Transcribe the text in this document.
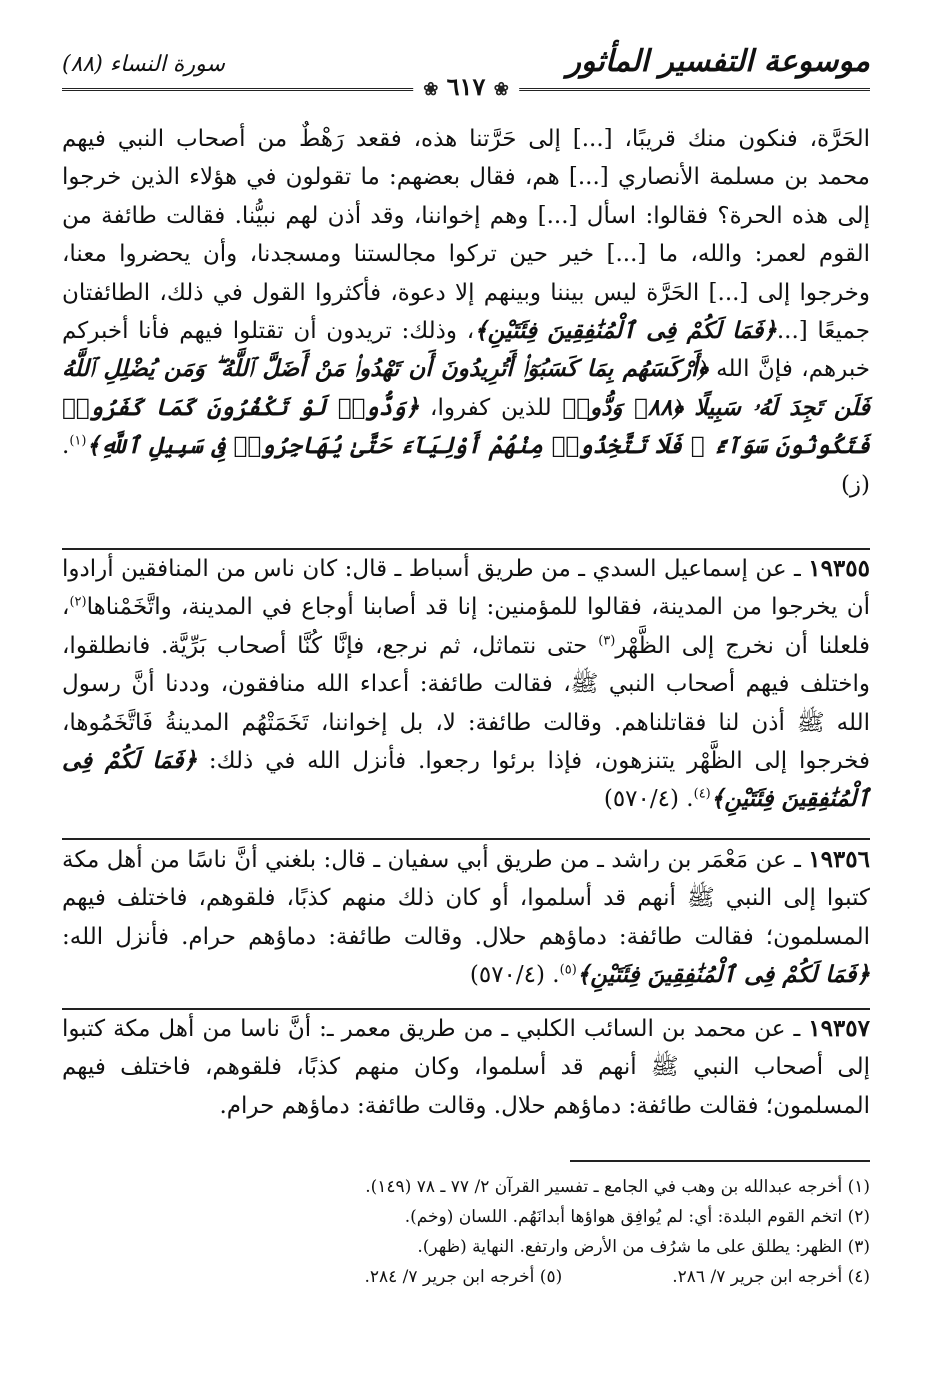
موسوعة التفسير المأثور
سورة النساء (٨٨)
❀ ٦١٧ ❀

الحَرَّة، فنكون منك قريبًا، [...] إلى حَرَّتنا هذه، فقعد رَهْطٌ من أصحاب النبي فيهم محمد بن مسلمة الأنصاري [...] هم، فقال بعضهم: ما تقولون في هؤلاء الذين خرجوا إلى هذه الحرة؟ فقالوا: اسأل [...] وهم إخواننا، وقد أذن لهم نبيُّنا. فقالت طائفة من القوم لعمر: والله، ما [...] خير حين تركوا مجالستنا ومسجدنا، وأن يحضروا معنا، وخرجوا إلى [...] الحَرَّة ليس بيننا وبينهم إلا دعوة، فأكثروا القول في ذلك، الطائفتان جميعًا [...﴿فَمَا لَكُمْ فِى ٱلْمُنَٰفِقِينَ فِئَتَيْنِ﴾، وذلك: تريدون أن تقتلوا فيهم فأنا أخبركم خبرهم، فإنَّ الله ﴿أَرْكَسَهُم بِمَا كَسَبُوٓا۟ أَتُرِيدُونَ أَن تَهْدُوا۟ مَنْ أَضَلَّ ٱللَّهُ ۖ وَمَن يُضْلِلِ ٱللَّهُ فَلَن تَجِدَ لَهُۥ سَبِيلًا ﴿٨٨﴾ وَدُّوا۟ للذين كفروا، ﴿وَدُّوا۟ لَوْ تَكْفُرُونَ كَمَا كَفَرُوا۟ فَتَكُونُونَ سَوَآءً ۖ فَلَا تَتَّخِذُوا۟ مِنْهُمْ أَوْلِيَآءَ حَتَّىٰ يُهَاجِرُوا۟ فِى سَبِيلِ ٱللَّهِ﴾$^{(١)}$. (ز)

١٩٣٥٥ ـ عن إسماعيل السدي ـ من طريق أسباط ـ قال: كان ناس من المنافقين أرادوا أن يخرجوا من المدينة، فقالوا للمؤمنين: إنا قد أصابنا أوجاع في المدينة، واتَّخَمْناها$^{(٢)}$، فلعلنا أن نخرج إلى الظَّهْر$^{(٣)}$ حتى نتماثل، ثم نرجع، فإنَّا كُنَّا أصحاب بَرِّيَّة. فانطلقوا، واختلف فيهم أصحاب النبي ﷺ، فقالت طائفة: أعداء الله منافقون، وددنا أنَّ رسول الله ﷺ أذن لنا فقاتلناهم. وقالت طائفة: لا، بل إخواننا، تَخَمَتْهُم المدينةُ فَاتَّخَمُوها، فخرجوا إلى الظَّهْر يتنزهون، فإذا برئوا رجعوا. فأنزل الله في ذلك: ﴿فَمَا لَكُمْ فِى ٱلْمُنَٰفِقِينَ فِئَتَيْنِ﴾$^{(٤)}$. (٥٧٠/٤)

١٩٣٥٦ ـ عن مَعْمَر بن راشد ـ من طريق أبي سفيان ـ قال: بلغني أنَّ ناسًا من أهل مكة كتبوا إلى النبي ﷺ أنهم قد أسلموا، أو كان ذلك منهم كذبًا، فلقوهم، فاختلف فيهم المسلمون؛ فقالت طائفة: دماؤهم حلال. وقالت طائفة: دماؤهم حرام. فأنزل الله: ﴿فَمَا لَكُمْ فِى ٱلْمُنَٰفِقِينَ فِئَتَيْنِ﴾$^{(٥)}$. (٥٧٠/٤)

١٩٣٥٧ ـ عن محمد بن السائب الكلبي ـ من طريق معمر ـ: أنَّ ناسا من أهل مكة كتبوا إلى أصحاب النبي ﷺ أنهم قد أسلموا، وكان منهم كذبًا، فلقوهم، فاختلف فيهم المسلمون؛ فقالت طائفة: دماؤهم حلال. وقالت طائفة: دماؤهم حرام.

(١) أخرجه عبدالله بن وهب في الجامع ـ تفسير القرآن ٢/ ٧٧ ـ ٧٨ (١٤٩).
(٢) اتخم القوم البلدة: أي: لم يُوافِق هواؤها أبدانَهُم. اللسان (وخم).
(٣) الظهر: يطلق على ما شرُف من الأرض وارتفع. النهاية (ظهر).
(٤) أخرجه ابن جرير ٧/ ٢٨٦.
(٥) أخرجه ابن جرير ٧/ ٢٨٤.
